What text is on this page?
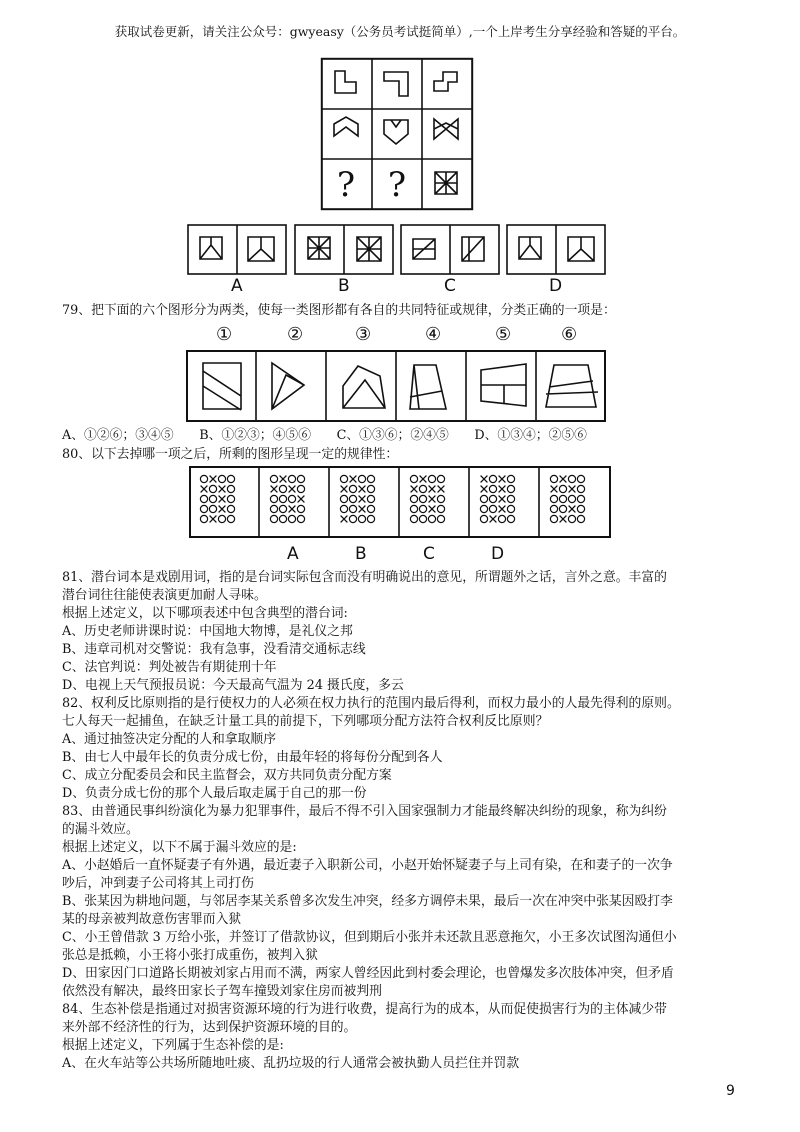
获取试卷更新，请关注公众号：gwyeasy（公务员考试挺简单）,一个上岸考生分享经验和答疑的平台。
? ?
A	B	C	D
79、把下面的六个图形分为两类，使每一类图形都有各自的共同特征或规律，分类正确的一项是：
①	②	③	④	⑤	⑥
A、①②⑥；③④⑤　　B、①②③；④⑤⑥　　C、①③⑥；②④⑤　　D、①③④；②⑤⑥
80、以下去掉哪一项之后，所剩的图形呈现一定的规律性：
A	B	C	D
81、潜台词本是戏剧用词，指的是台词实际包含而没有明确说出的意见，所谓题外之话，言外之意。丰富的
潜台词往往能使表演更加耐人寻味。
根据上述定义，以下哪项表述中包含典型的潜台词:
A、历史老师讲课时说：中国地大物博，是礼仪之邦
B、违章司机对交警说：我有急事，没看清交通标志线
C、法官判说：判处被告有期徒刑十年
D、电视上天气预报员说：今天最高气温为 24 摄氏度，多云
82、权利反比原则指的是行使权力的人必须在权力执行的范围内最后得利，而权力最小的人最先得利的原则。
七人每天一起捕鱼，在缺乏计量工具的前提下，下列哪项分配方法符合权利反比原则？
A、通过抽签决定分配的人和拿取顺序
B、由七人中最年长的负责分成七份，由最年轻的将每份分配到各人
C、成立分配委员会和民主监督会，双方共同负责分配方案
D、负责分成七份的那个人最后取走属于自己的那一份
83、由普通民事纠纷演化为暴力犯罪事件，最后不得不引入国家强制力才能最终解决纠纷的现象，称为纠纷
的漏斗效应。
根据上述定义，以下不属于漏斗效应的是:
A、小赵婚后一直怀疑妻子有外遇，最近妻子入职新公司，小赵开始怀疑妻子与上司有染，在和妻子的一次争
吵后，冲到妻子公司将其上司打伤
B、张某因为耕地问题，与邻居李某关系曾多次发生冲突，经多方调停未果，最后一次在冲突中张某因殴打李
某的母亲被判故意伤害罪而入狱
C、小王曾借款 3 万给小张，并签订了借款协议，但到期后小张并未还款且恶意拖欠，小王多次试图沟通但小
张总是抵赖，小王将小张打成重伤，被判入狱
D、田家因门口道路长期被刘家占用而不满，两家人曾经因此到村委会理论，也曾爆发多次肢体冲突，但矛盾
依然没有解决，最终田家长子驾车撞毁刘家住房而被判刑
84、生态补偿是指通过对损害资源环境的行为进行收费，提高行为的成本，从而促使损害行为的主体减少带
来外部不经济性的行为，达到保护资源环境的目的。
根据上述定义，下列属于生态补偿的是:
A、在火车站等公共场所随地吐痰、乱扔垃圾的行人通常会被执勤人员拦住并罚款
9
